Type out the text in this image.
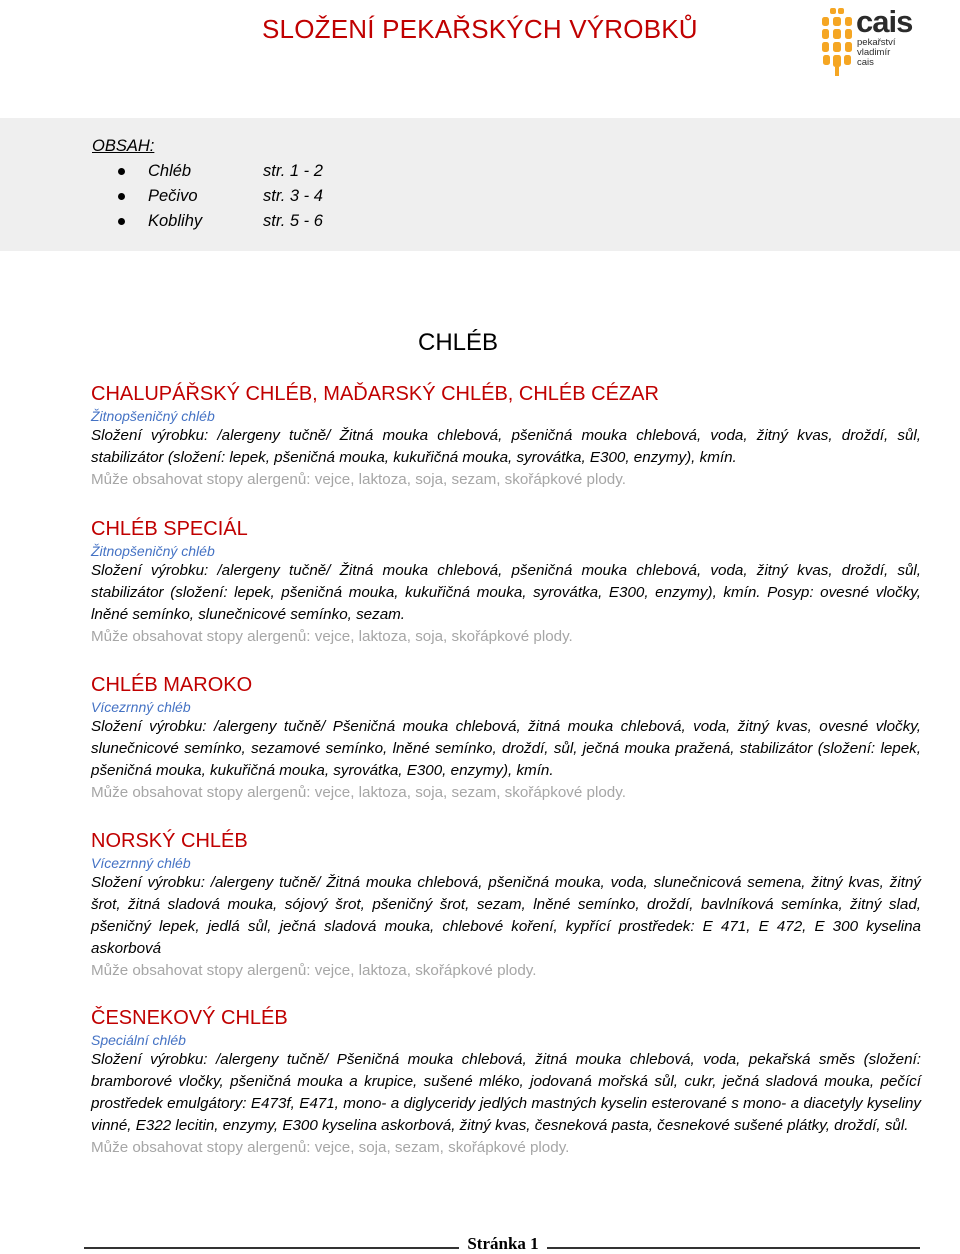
SLOŽENÍ PEKAŘSKÝCH VÝROBKŮ	cais
pekařství
vladimír
cais
OBSAH:
Chléb	str. 1 - 2
Pečivo	str. 3 - 4
Koblihy	str. 5 - 6
CHLÉB
CHALUPÁŘSKÝ CHLÉB, MAĎARSKÝ CHLÉB, CHLÉB CÉZAR
Žitnopšeničný chléb
Složení výrobku: /alergeny tučně/ Žitná mouka chlebová, pšeničná mouka chlebová, voda, žitný kvas, droždí, sůl, stabilizátor (složení: lepek, pšeničná mouka, kukuřičná mouka, syrovátka, E300, enzymy), kmín.
Může obsahovat stopy alergenů: vejce, laktoza, soja, sezam, skořápkové plody.
CHLÉB SPECIÁL
Žitnopšeničný chléb
Složení výrobku: /alergeny tučně/ Žitná mouka chlebová, pšeničná mouka chlebová, voda, žitný kvas, droždí, sůl, stabilizátor (složení: lepek, pšeničná mouka, kukuřičná mouka, syrovátka, E300, enzymy), kmín. Posyp: ovesné vločky, lněné semínko, slunečnicové semínko, sezam.
Může obsahovat stopy alergenů: vejce, laktoza, soja, skořápkové plody.
CHLÉB MAROKO
Vícezrnný chléb
Složení výrobku: /alergeny tučně/ Pšeničná mouka chlebová, žitná mouka chlebová, voda, žitný kvas, ovesné vločky, slunečnicové semínko, sezamové semínko, lněné semínko, droždí, sůl, ječná mouka pražená, stabilizátor (složení: lepek, pšeničná mouka, kukuřičná mouka, syrovátka, E300, enzymy), kmín.
Může obsahovat stopy alergenů: vejce, laktoza, soja, sezam, skořápkové plody.
NORSKÝ CHLÉB
Vícezrnný chléb
Složení výrobku: /alergeny tučně/ Žitná mouka chlebová, pšeničná mouka, voda, slunečnicová semena, žitný kvas, žitný šrot, žitná sladová mouka, sójový šrot, pšeničný šrot, sezam, lněné semínko, droždí, bavlníková semínka, žitný slad, pšeničný lepek, jedlá sůl, ječná sladová mouka, chlebové koření, kypřící prostředek: E 471, E 472, E 300 kyselina askorbová
Může obsahovat stopy alergenů: vejce, laktoza, skořápkové plody.
ČESNEKOVÝ CHLÉB
Speciální chléb
Složení výrobku: /alergeny tučně/ Pšeničná mouka chlebová, žitná mouka chlebová, voda, pekařská směs (složení: bramborové vločky, pšeničná mouka a krupice, sušené mléko, jodovaná mořská sůl, cukr, ječná sladová mouka, pečící prostředek emulgátory: E473f, E471, mono- a diglyceridy jedlých mastných kyselin esterované s mono- a diacetyly kyseliny vinné, E322 lecitin, enzymy, E300 kyselina askorbová, žitný kvas, česneková pasta, česnekové sušené plátky, droždí, sůl.
Může obsahovat stopy alergenů: vejce, soja, sezam, skořápkové plody.
Stránka 1
